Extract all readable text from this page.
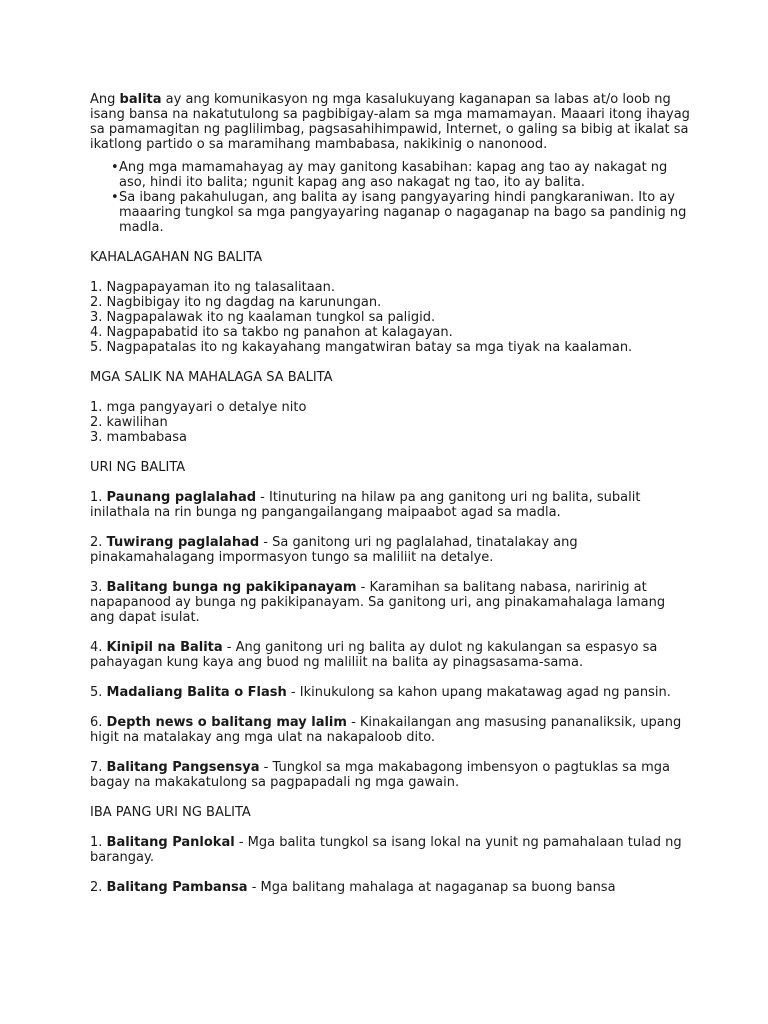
Ang balita ay ang komunikasyon ng mga kasalukuyang kaganapan sa labas at/o loob ng isang bansa na nakatutulong sa pagbibigay-alam sa mga mamamayan. Maaari itong ihayag sa pamamagitan ng paglilimbag, pagsasahihimpawid, Internet, o galing sa bibig at ikalat sa ikatlong partido o sa maramihang mambabasa, nakikinig o nanonood.

• Ang mga mamamahayag ay may ganitong kasabihan: kapag ang tao ay nakagat ng aso, hindi ito balita; ngunit kapag ang aso nakagat ng tao, ito ay balita.
• Sa ibang pakahulugan, ang balita ay isang pangyayaring hindi pangkaraniwan. Ito ay maaaring tungkol sa mga pangyayaring naganap o nagaganap na bago sa pandinig ng madla.

KAHALAGAHAN NG BALITA

1. Nagpapayaman ito ng talasalitaan.

2. Nagbibigay ito ng dagdag na karunungan.

3. Nagpapalawak ito ng kaalaman tungkol sa paligid.

4. Nagpapabatid ito sa takbo ng panahon at kalagayan.

5. Nagpapatalas ito ng kakayahang mangatwiran batay sa mga tiyak na kaalaman.

MGA SALIK NA MAHALAGA SA BALITA

1. mga pangyayari o detalye nito

2. kawilihan

3. mambabasa

URI NG BALITA

1. Paunang paglalahad - Itinuturing na hilaw pa ang ganitong uri ng balita, subalit inilathala na rin bunga ng pangangailangang maipaabot agad sa madla.

2. Tuwirang paglalahad - Sa ganitong uri ng paglalahad, tinatalakay ang pinakamahalagang impormasyon tungo sa maliliit na detalye.

3. Balitang bunga ng pakikipanayam - Karamihan sa balitang nabasa, naririnig at napapanood ay bunga ng pakikipanayam. Sa ganitong uri, ang pinakamahalaga lamang ang dapat isulat.

4. Kinipil na Balita - Ang ganitong uri ng balita ay dulot ng kakulangan sa espasyo sa pahayagan kung kaya ang buod ng maliliit na balita ay pinagsasama-sama.

5. Madaliang Balita o Flash - Ikinukulong sa kahon upang makatawag agad ng pansin.

6. Depth news o balitang may lalim - Kinakailangan ang masusing pananaliksik, upang higit na matalakay ang mga ulat na nakapaloob dito.

7. Balitang Pangsensya - Tungkol sa mga makabagong imbensyon o pagtuklas sa mga bagay na makakatulong sa pagpapadali ng mga gawain.

IBA PANG URI NG BALITA

1. Balitang Panlokal - Mga balita tungkol sa isang lokal na yunit ng pamahalaan tulad ng barangay.

2. Balitang Pambansa - Mga balitang mahalaga at nagaganap sa buong bansa
